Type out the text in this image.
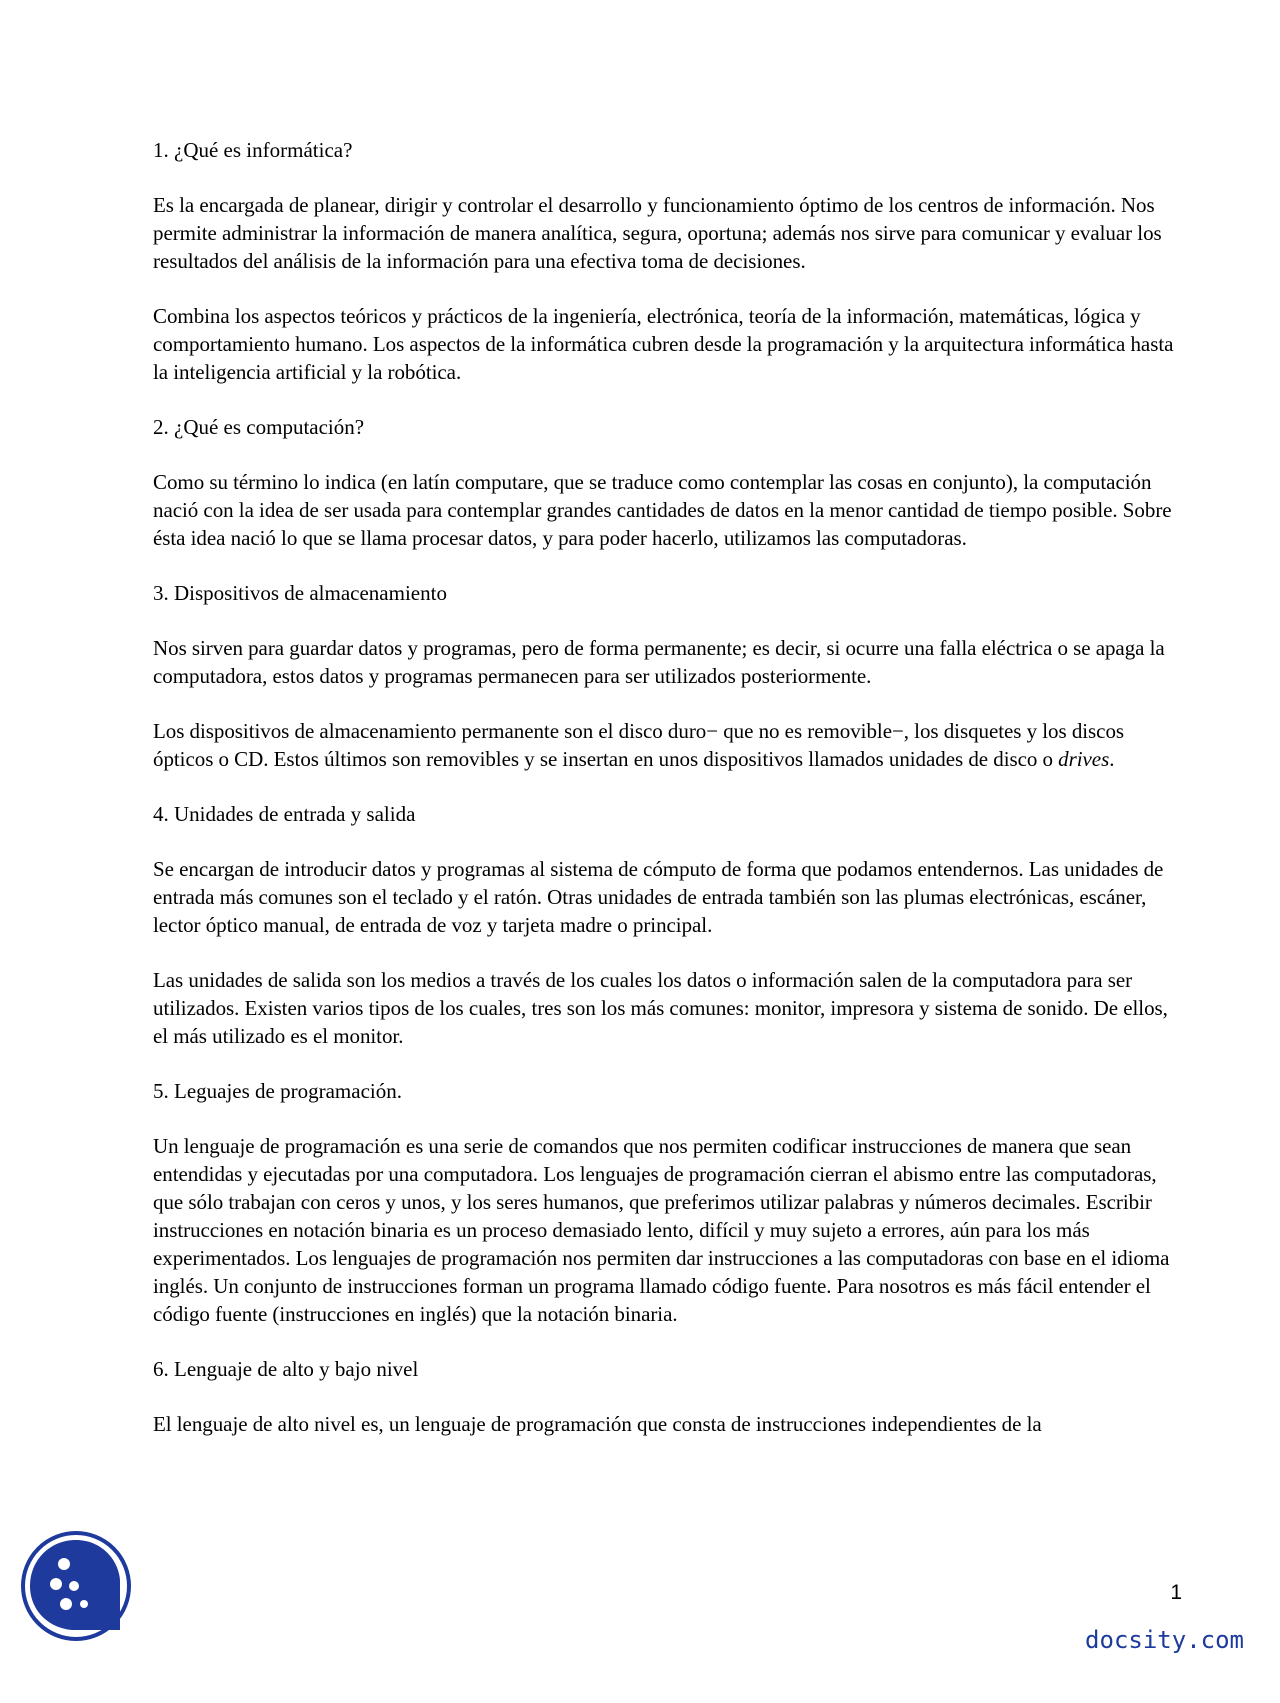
1. ¿Qué es informática?
Es la encargada de planear, dirigir y controlar el desarrollo y funcionamiento óptimo de los centros de información. Nos permite administrar la información de manera analítica, segura, oportuna; además nos sirve para comunicar y evaluar los resultados del análisis de la información para una efectiva toma de decisiones.
Combina los aspectos teóricos y prácticos de la ingeniería, electrónica, teoría de la información, matemáticas, lógica y comportamiento humano. Los aspectos de la informática cubren desde la programación y la arquitectura informática hasta la inteligencia artificial y la robótica.
2. ¿Qué es computación?
Como su término lo indica (en latín computare, que se traduce como contemplar las cosas en conjunto), la computación nació con la idea de ser usada para contemplar grandes cantidades de datos en la menor cantidad de tiempo posible. Sobre ésta idea nació lo que se llama procesar datos, y para poder hacerlo, utilizamos las computadoras.
3. Dispositivos de almacenamiento
Nos sirven para guardar datos y programas, pero de forma permanente; es decir, si ocurre una falla eléctrica o se apaga la computadora, estos datos y programas permanecen para ser utilizados posteriormente.
Los dispositivos de almacenamiento permanente son el disco duro− que no es removible−, los disquetes y los discos ópticos o CD. Estos últimos son removibles y se insertan en unos dispositivos llamados unidades de disco o drives.
4. Unidades de entrada y salida
Se encargan de introducir datos y programas al sistema de cómputo de forma que podamos entendernos. Las unidades de entrada más comunes son el teclado y el ratón. Otras unidades de entrada también son las plumas electrónicas, escáner, lector óptico manual, de entrada de voz y tarjeta madre o principal.
Las unidades de salida son los medios a través de los cuales los datos o información salen de la computadora para ser utilizados. Existen varios tipos de los cuales, tres son los más comunes: monitor, impresora y sistema de sonido. De ellos, el más utilizado es el monitor.
5. Leguajes de programación.
Un lenguaje de programación es una serie de comandos que nos permiten codificar instrucciones de manera que sean entendidas y ejecutadas por una computadora. Los lenguajes de programación cierran el abismo entre las computadoras, que sólo trabajan con ceros y unos, y los seres humanos, que preferimos utilizar palabras y números decimales. Escribir instrucciones en notación binaria es un proceso demasiado lento, difícil y muy sujeto a errores, aún para los más experimentados. Los lenguajes de programación nos permiten dar instrucciones a las computadoras con base en el idioma inglés. Un conjunto de instrucciones forman un programa llamado código fuente. Para nosotros es más fácil entender el código fuente (instrucciones en inglés) que la notación binaria.
6. Lenguaje de alto y bajo nivel
El lenguaje de alto nivel es, un lenguaje de programación que consta de instrucciones independientes de la
1
docsity.com
